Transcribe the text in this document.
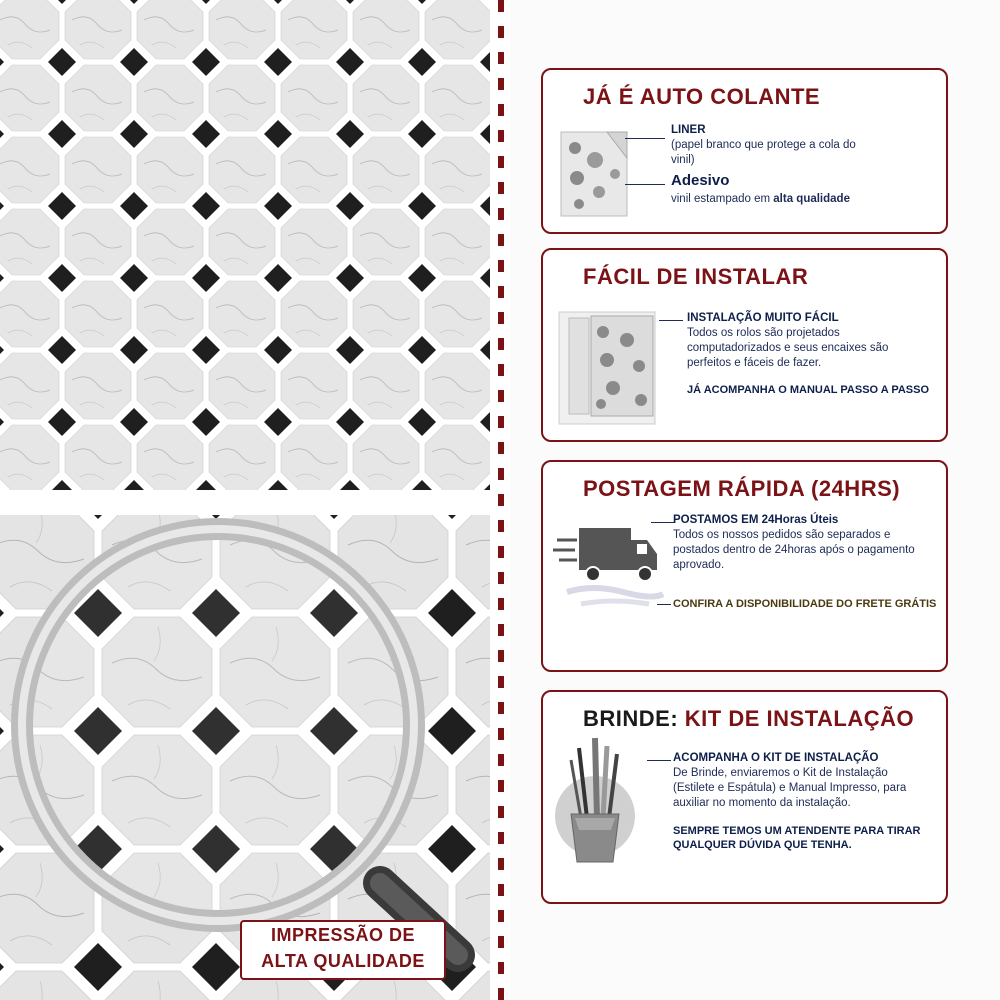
IMPRESSÃO DE
ALTA QUALIDADE
JÁ É AUTO COLANTE
LINER
(papel branco que protege a cola do vinil)
Adesivo
vinil estampado em alta qualidade
FÁCIL DE INSTALAR
INSTALAÇÃO MUITO FÁCIL
Todos os rolos são projetados computadorizados e seus encaixes são perfeitos e fáceis de fazer.
JÁ ACOMPANHA O MANUAL PASSO A PASSO
POSTAGEM RÁPIDA (24HRS)
POSTAMOS EM 24Horas Úteis
Todos os nossos pedidos são separados e postados dentro de 24horas após o pagamento aprovado.
CONFIRA A DISPONIBILIDADE DO FRETE GRÁTIS
BRINDE: KIT DE INSTALAÇÃO
ACOMPANHA O KIT DE INSTALAÇÃO
De Brinde, enviaremos o Kit de Instalação (Estilete e Espátula) e Manual Impresso, para auxiliar no momento da instalação.
SEMPRE TEMOS UM ATENDENTE PARA TIRAR QUALQUER DÚVIDA QUE TENHA.
